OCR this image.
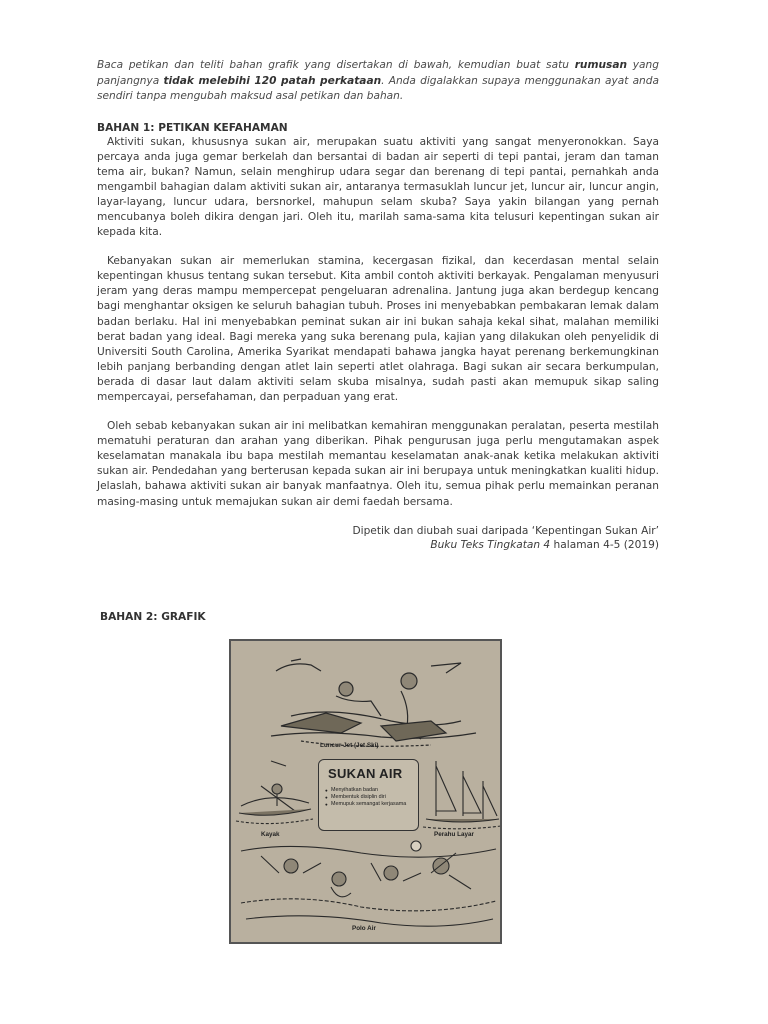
Baca petikan dan teliti bahan grafik yang disertakan di bawah, kemudian buat satu rumusan yang panjangnya tidak melebihi 120 patah perkataan. Anda digalakkan supaya menggunakan ayat anda sendiri tanpa mengubah maksud asal petikan dan bahan.

BAHAN 1: PETIKAN KEFAHAMAN

Aktiviti sukan, khususnya sukan air, merupakan suatu aktiviti yang sangat menyeronokkan. Saya percaya anda juga gemar berkelah dan bersantai di badan air seperti di tepi pantai, jeram dan taman tema air, bukan? Namun, selain menghirup udara segar dan berenang di tepi pantai, pernahkah anda mengambil bahagian dalam aktiviti sukan air, antaranya termasuklah luncur jet, luncur air, luncur angin, layar-layang, luncur udara, bersnorkel, mahupun selam skuba? Saya yakin bilangan yang pernah mencubanya boleh dikira dengan jari. Oleh itu, marilah sama-sama kita telusuri kepentingan sukan air kepada kita.

Kebanyakan sukan air memerlukan stamina, kecergasan fizikal, dan kecerdasan mental selain kepentingan khusus tentang sukan tersebut. Kita ambil contoh aktiviti berkayak. Pengalaman menyusuri jeram yang deras mampu mempercepat pengeluaran adrenalina. Jantung juga akan berdegup kencang bagi menghantar oksigen ke seluruh bahagian tubuh. Proses ini menyebabkan pembakaran lemak dalam badan berlaku. Hal ini menyebabkan peminat sukan air ini bukan sahaja kekal sihat, malahan memiliki berat badan yang ideal. Bagi mereka yang suka berenang pula, kajian yang dilakukan oleh penyelidik di Universiti South Carolina, Amerika Syarikat mendapati bahawa jangka hayat perenang berkemungkinan lebih panjang berbanding dengan atlet lain seperti atlet olahraga. Bagi sukan air secara berkumpulan, berada di dasar laut dalam aktiviti selam skuba misalnya, sudah pasti akan memupuk sikap saling mempercayai, persefahaman, dan perpaduan yang erat.

Oleh sebab kebanyakan sukan air ini melibatkan kemahiran menggunakan peralatan, peserta mestilah mematuhi peraturan dan arahan yang diberikan. Pihak pengurusan juga perlu mengutamakan aspek keselamatan manakala ibu bapa mestilah memantau keselamatan anak-anak ketika melakukan aktiviti sukan air. Pendedahan yang berterusan kepada sukan air ini berupaya untuk meningkatkan kualiti hidup. Jelaslah, bahawa aktiviti sukan air banyak manfaatnya. Oleh itu, semua pihak perlu memainkan peranan masing-masing untuk memajukan sukan air demi faedah bersama.

Dipetik dan diubah suai daripada ‘Kepentingan Sukan Air’
Buku Teks Tingkatan 4 halaman 4-5 (2019)
BAHAN 2: GRAFIK
SUKAN AIR
● Menyihatkan badan
● Membentuk disiplin diri
● Memupuk semangat kerjasama
Luncur Jet (Jet Ski)
Kayak	Perahu Layar
Polo Air
